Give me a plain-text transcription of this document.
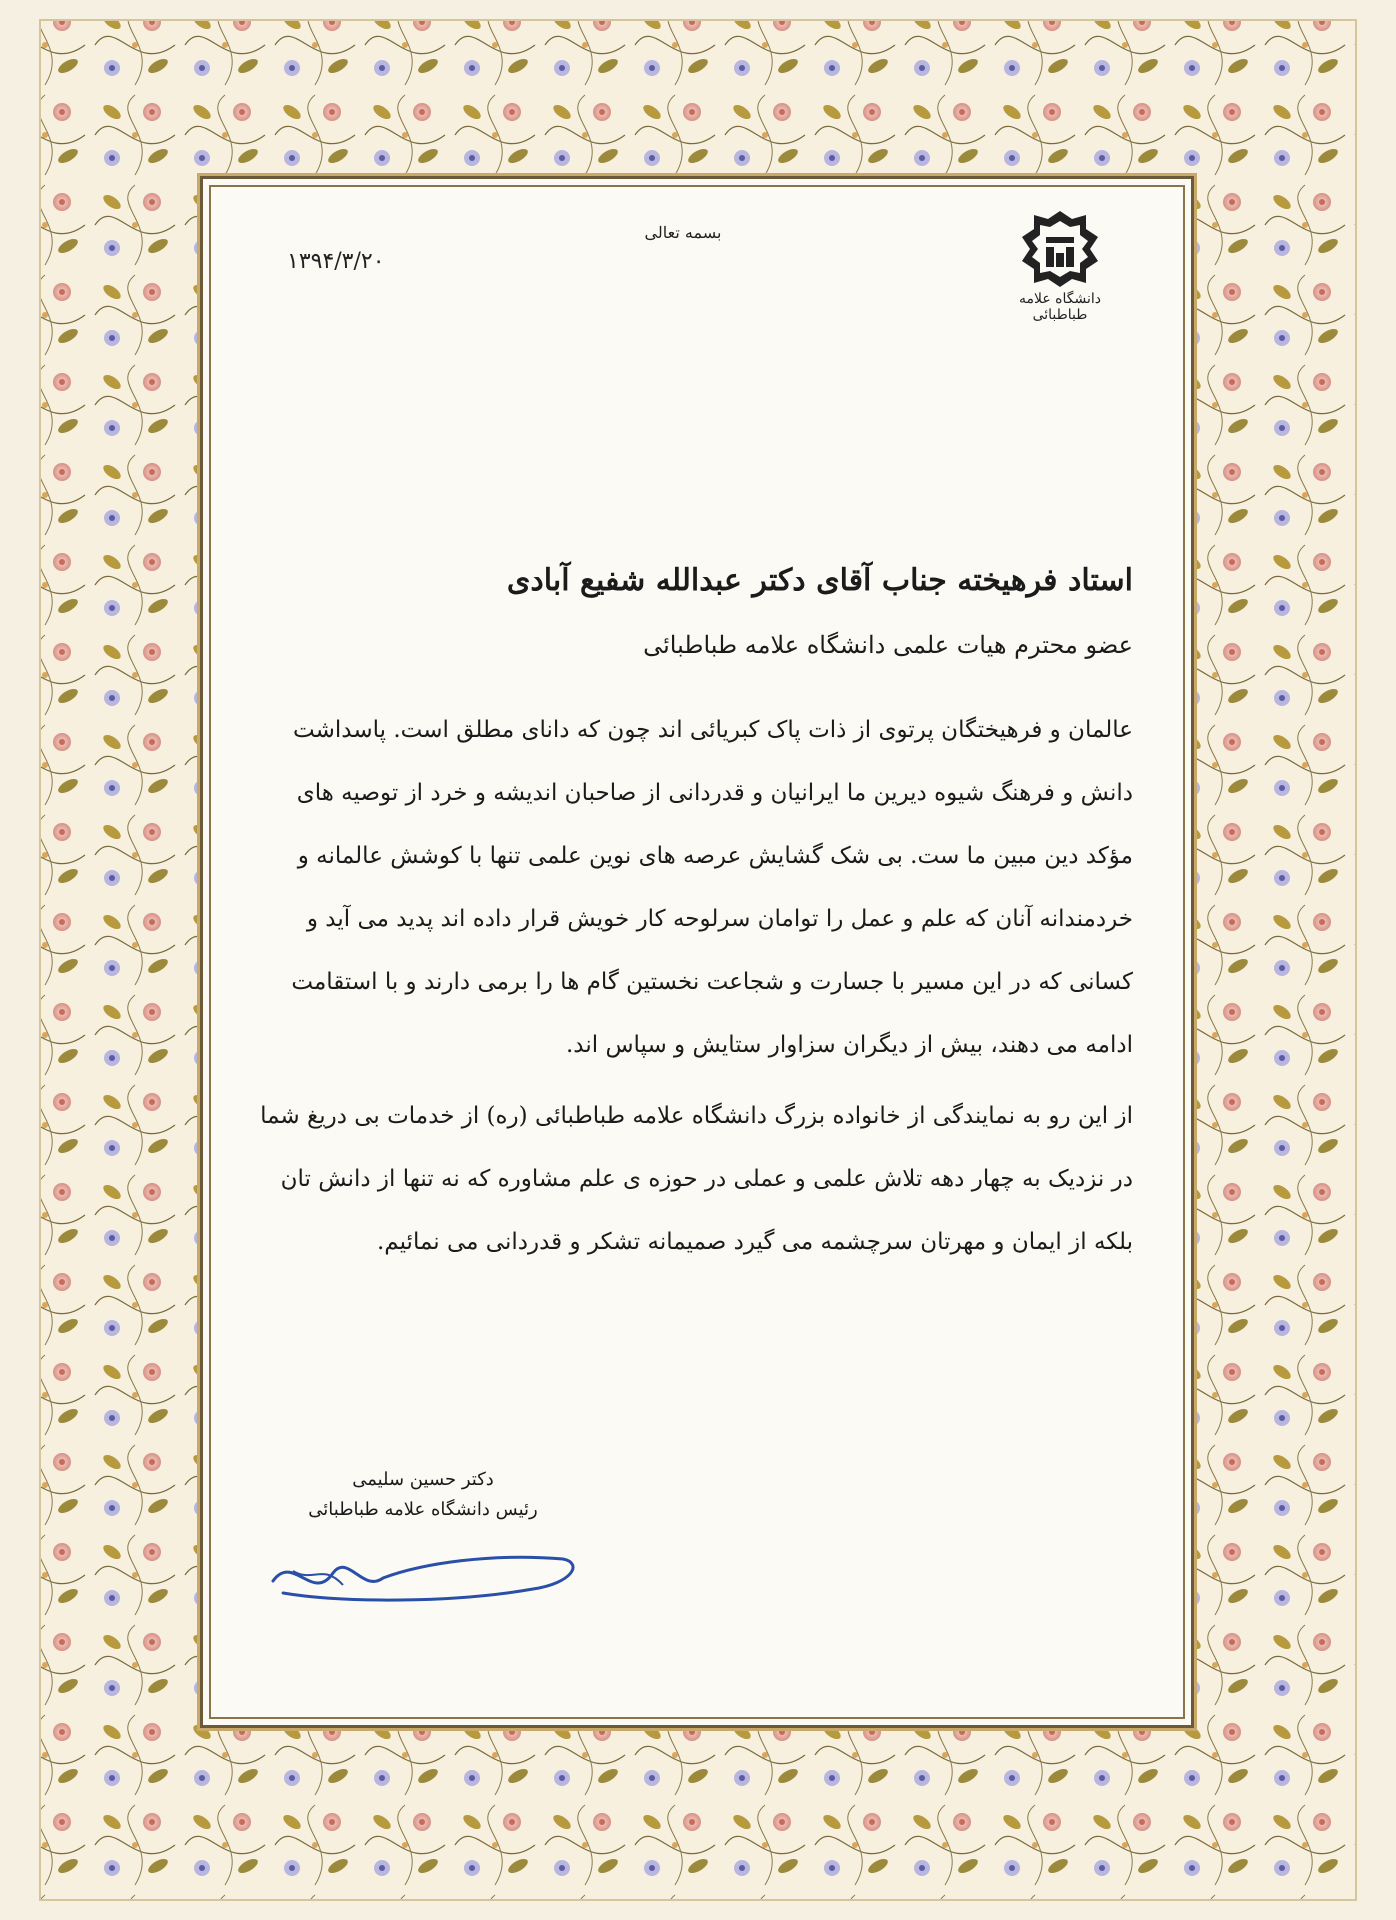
دانشگاه علامه طباطبائی
بسمه تعالی
۱۳۹۴/۳/۲۰

استاد فرهیخته جناب آقای دکتر عبدالله شفیع آبادی

عضو محترم هیات علمی دانشگاه علامه طباطبائی

عالمان و فرهیختگان پرتوی از ذات پاک کبریائی اند چون که دانای مطلق است. پاسداشت دانش و فرهنگ شیوه دیرین ما ایرانیان و قدردانی از صاحبان اندیشه و خرد از توصیه های مؤکد دین مبین ما ست. بی شک گشایش عرصه های نوین علمی تنها با کوشش عالمانه و خردمندانه آنان که علم و عمل را توامان سرلوحه کار خویش قرار داده اند پدید می آید و کسانی که در این مسیر با جسارت و شجاعت نخستین گام ها را برمی دارند و با استقامت ادامه می دهند، بیش از دیگران سزاوار ستایش و سپاس اند.

از این رو به نمایندگی از خانواده بزرگ دانشگاه علامه طباطبائی (ره) از خدمات بی دریغ شما در نزدیک به چهار دهه تلاش علمی و عملی در حوزه ی علم مشاوره که نه تنها از دانش تان بلکه از ایمان و مهرتان سرچشمه می گیرد صمیمانه تشکر و قدردانی می نمائیم.

دکتر حسین سلیمی
رئیس دانشگاه علامه طباطبائی
